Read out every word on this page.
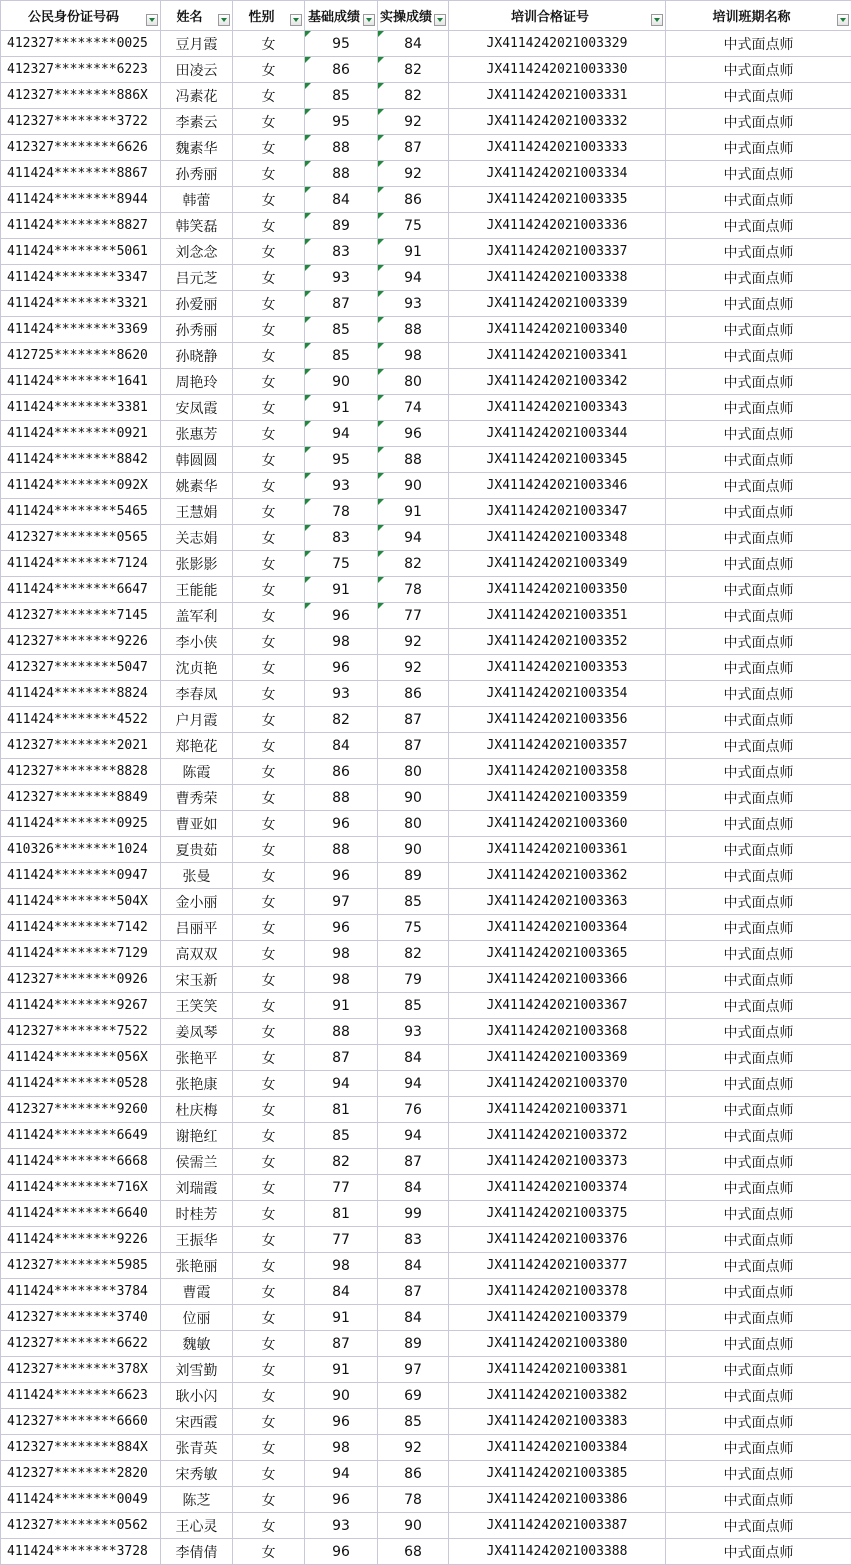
公民身份证号码	姓名	性别	基础成绩	实操成绩	培训合格证号	培训班期名称

412327********0025	豆月霞	女	95	84	JX4114242021003329	中式面点师
412327********6223	田凌云	女	86	82	JX4114242021003330	中式面点师
412327********886X	冯素花	女	85	82	JX4114242021003331	中式面点师
412327********3722	李素云	女	95	92	JX4114242021003332	中式面点师
412327********6626	魏素华	女	88	87	JX4114242021003333	中式面点师
411424********8867	孙秀丽	女	88	92	JX4114242021003334	中式面点师
411424********8944	韩蕾	女	84	86	JX4114242021003335	中式面点师
411424********8827	韩笑磊	女	89	75	JX4114242021003336	中式面点师
411424********5061	刘念念	女	83	91	JX4114242021003337	中式面点师
411424********3347	吕元芝	女	93	94	JX4114242021003338	中式面点师
411424********3321	孙爱丽	女	87	93	JX4114242021003339	中式面点师
411424********3369	孙秀丽	女	85	88	JX4114242021003340	中式面点师
412725********8620	孙晓静	女	85	98	JX4114242021003341	中式面点师
411424********1641	周艳玲	女	90	80	JX4114242021003342	中式面点师
411424********3381	安凤霞	女	91	74	JX4114242021003343	中式面点师
411424********0921	张惠芳	女	94	96	JX4114242021003344	中式面点师
411424********8842	韩圆圆	女	95	88	JX4114242021003345	中式面点师
411424********092X	姚素华	女	93	90	JX4114242021003346	中式面点师
411424********5465	王慧娟	女	78	91	JX4114242021003347	中式面点师
412327********0565	关志娟	女	83	94	JX4114242021003348	中式面点师
411424********7124	张影影	女	75	82	JX4114242021003349	中式面点师
411424********6647	王能能	女	91	78	JX4114242021003350	中式面点师
412327********7145	盖军利	女	96	77	JX4114242021003351	中式面点师
412327********9226	李小侠	女	98	92	JX4114242021003352	中式面点师
412327********5047	沈贞艳	女	96	92	JX4114242021003353	中式面点师
411424********8824	李春凤	女	93	86	JX4114242021003354	中式面点师
411424********4522	户月霞	女	82	87	JX4114242021003356	中式面点师
412327********2021	郑艳花	女	84	87	JX4114242021003357	中式面点师
412327********8828	陈霞	女	86	80	JX4114242021003358	中式面点师
412327********8849	曹秀荣	女	88	90	JX4114242021003359	中式面点师
411424********0925	曹亚如	女	96	80	JX4114242021003360	中式面点师
410326********1024	夏贵茹	女	88	90	JX4114242021003361	中式面点师
411424********0947	张曼	女	96	89	JX4114242021003362	中式面点师
411424********504X	金小丽	女	97	85	JX4114242021003363	中式面点师
411424********7142	吕丽平	女	96	75	JX4114242021003364	中式面点师
411424********7129	高双双	女	98	82	JX4114242021003365	中式面点师
412327********0926	宋玉新	女	98	79	JX4114242021003366	中式面点师
411424********9267	王笑笑	女	91	85	JX4114242021003367	中式面点师
412327********7522	姜凤琴	女	88	93	JX4114242021003368	中式面点师
411424********056X	张艳平	女	87	84	JX4114242021003369	中式面点师
411424********0528	张艳康	女	94	94	JX4114242021003370	中式面点师
412327********9260	杜庆梅	女	81	76	JX4114242021003371	中式面点师
411424********6649	谢艳红	女	85	94	JX4114242021003372	中式面点师
411424********6668	侯需兰	女	82	87	JX4114242021003373	中式面点师
411424********716X	刘瑞霞	女	77	84	JX4114242021003374	中式面点师
411424********6640	时桂芳	女	81	99	JX4114242021003375	中式面点师
411424********9226	王振华	女	77	83	JX4114242021003376	中式面点师
412327********5985	张艳丽	女	98	84	JX4114242021003377	中式面点师
411424********3784	曹霞	女	84	87	JX4114242021003378	中式面点师
412327********3740	位丽	女	91	84	JX4114242021003379	中式面点师
412327********6622	魏敏	女	87	89	JX4114242021003380	中式面点师
412327********378X	刘雪勤	女	91	97	JX4114242021003381	中式面点师
411424********6623	耿小闪	女	90	69	JX4114242021003382	中式面点师
412327********6660	宋西霞	女	96	85	JX4114242021003383	中式面点师
412327********884X	张青英	女	98	92	JX4114242021003384	中式面点师
412327********2820	宋秀敏	女	94	86	JX4114242021003385	中式面点师
411424********0049	陈芝	女	96	78	JX4114242021003386	中式面点师
412327********0562	王心灵	女	93	90	JX4114242021003387	中式面点师
411424********3728	李倩倩	女	96	68	JX4114242021003388	中式面点师
